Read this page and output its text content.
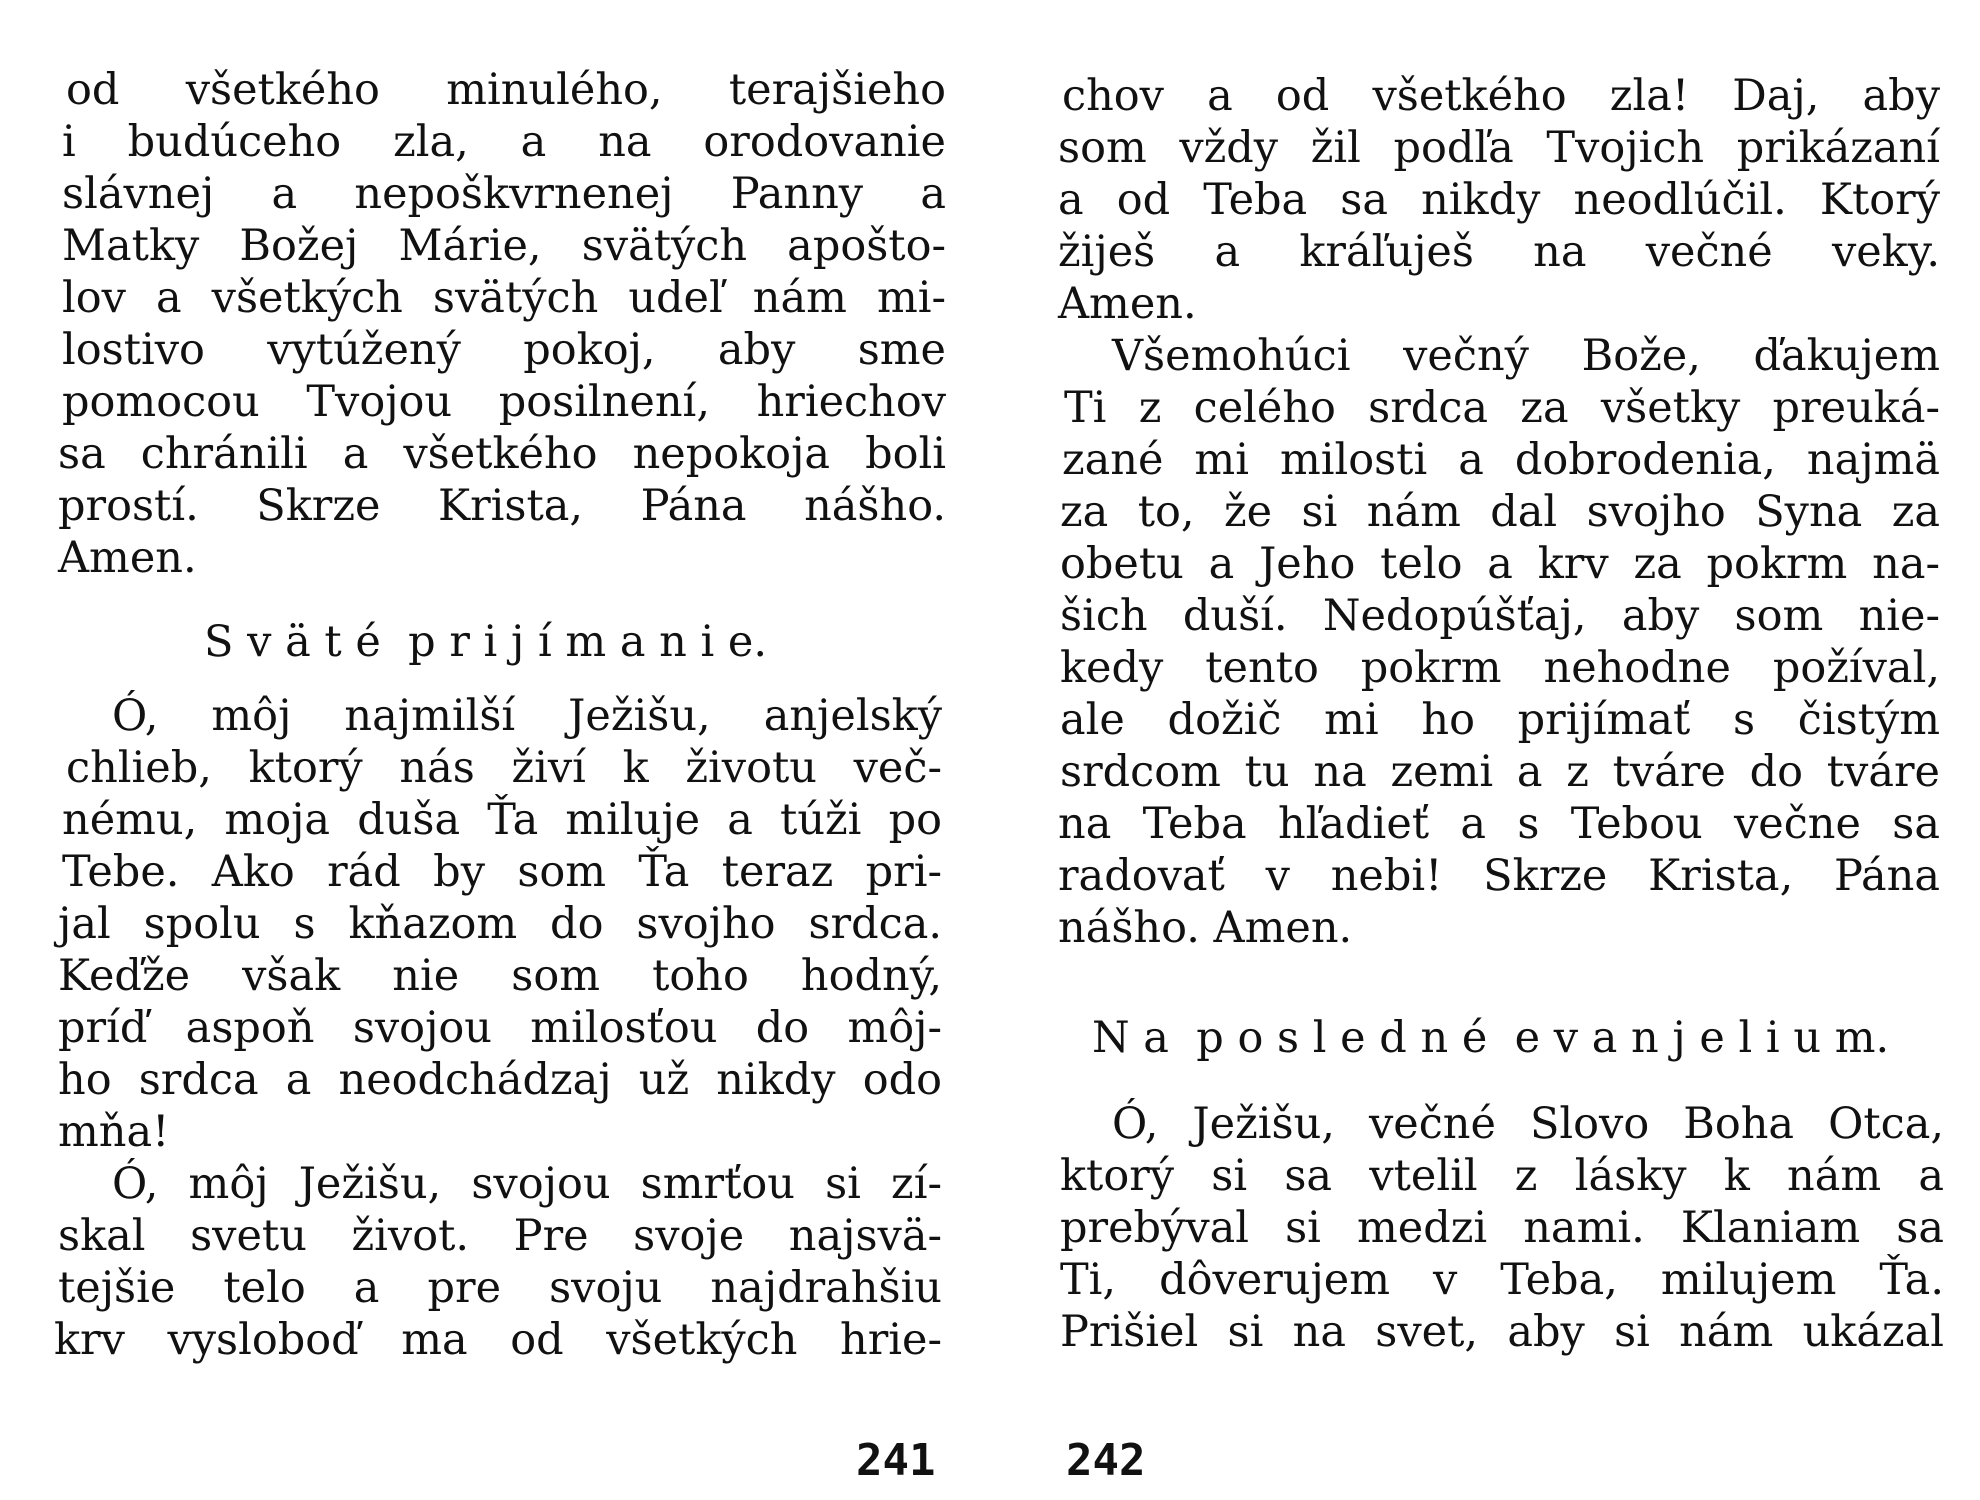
od všetkého minulého, terajšieho
i budúceho zla, a na orodovanie
slávnej a nepoškvrnenej Panny a
Matky Božej Márie, svätých apošto-
lov a všetkých svätých udeľ nám mi-
lostivo vytúžený pokoj, aby sme
pomocou Tvojou posilnení, hriechov
sa chránili a všetkého nepokoja boli
prostí. Skrze Krista, Pána nášho.
Amen.
S v ä t é  p r i j í m a n i e.
Ó, môj najmilší Ježišu, anjelský
chlieb, ktorý nás živí k životu več-
nému, moja duša Ťa miluje a túži po
Tebe. Ako rád by som Ťa teraz pri-
jal spolu s kňazom do svojho srdca.
Keďže však nie som toho hodný,
príď aspoň svojou milosťou do môj-
ho srdca a neodchádzaj už nikdy odo
mňa!
Ó, môj Ježišu, svojou smrťou si zí-
skal svetu život. Pre svoje najsvä-
tejšie telo a pre svoju najdrahšiu
krv vysloboď ma od všetkých hrie-
241
chov a od všetkého zla! Daj, aby
som vždy žil podľa Tvojich prikázaní
a od Teba sa nikdy neodlúčil. Ktorý
žiješ a kráľuješ na večné veky.
Amen.
Všemohúci večný Bože, ďakujem
Ti z celého srdca za všetky preuká-
zané mi milosti a dobrodenia, najmä
za to, že si nám dal svojho Syna za
obetu a Jeho telo a krv za pokrm na-
šich duší. Nedopúšťaj, aby som nie-
kedy tento pokrm nehodne požíval,
ale dožič mi ho prijímať s čistým
srdcom tu na zemi a z tváre do tváre
na Teba hľadieť a s Tebou večne sa
radovať v nebi! Skrze Krista, Pána
nášho. Amen.
N a  p o s l e d n é  e v a n j e l i u m.
Ó, Ježišu, večné Slovo Boha Otca,
ktorý si sa vtelil z lásky k nám a
prebýval si medzi nami. Klaniam sa
Ti, dôverujem v Teba, milujem Ťa.
Prišiel si na svet, aby si nám ukázal
242
